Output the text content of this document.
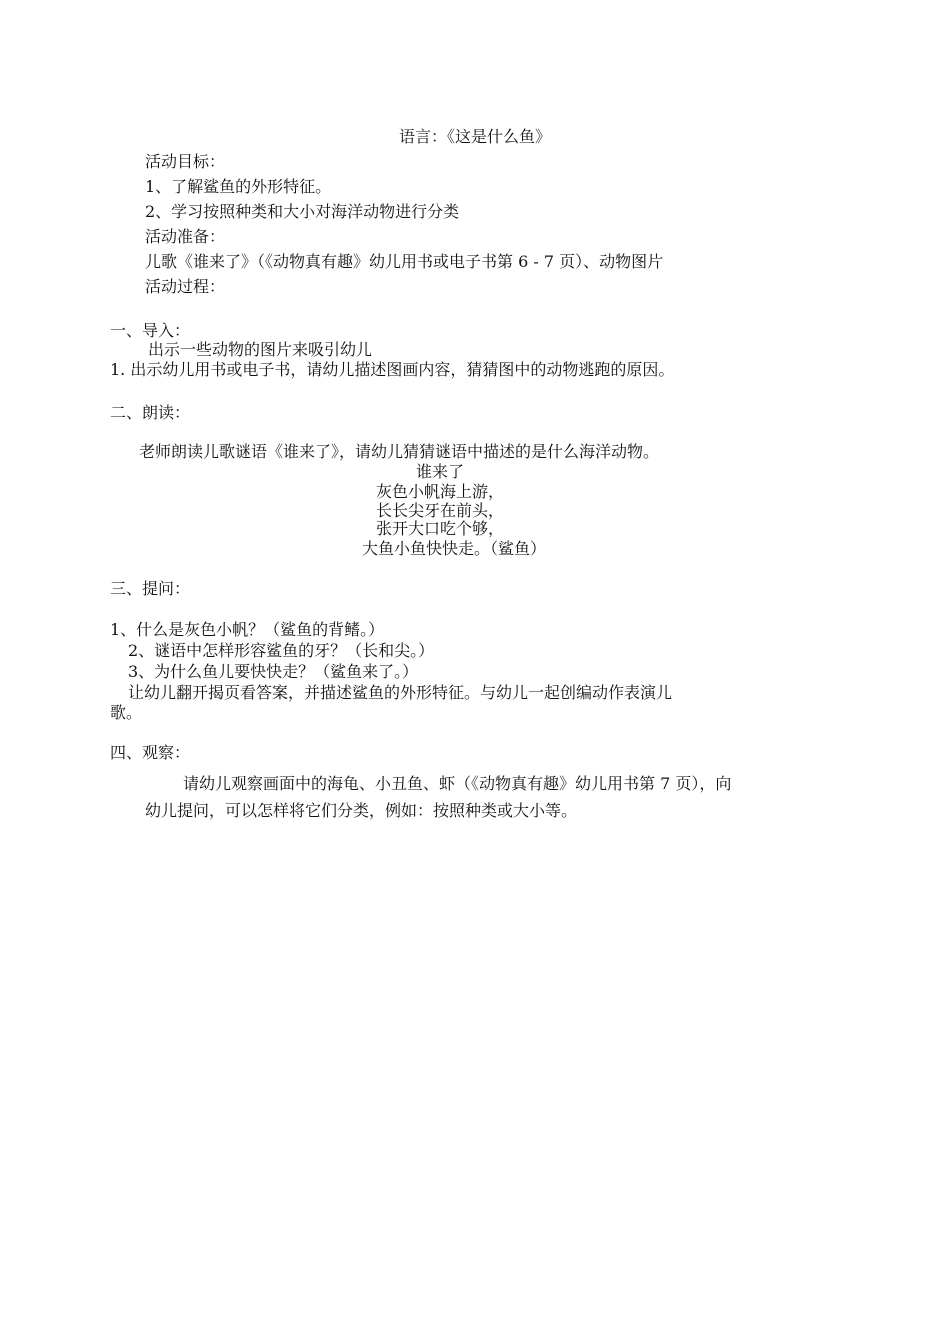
语言：《这是什么鱼》
活动目标：
1、了解鲨鱼的外形特征。
2、学习按照种类和大小对海洋动物进行分类
活动准备：
儿歌《谁来了》（《动物真有趣》幼儿用书或电子书第 6 - 7 页）、动物图片
活动过程：
一、导入：
出示一些动物的图片来吸引幼儿
1. 出示幼儿用书或电子书，请幼儿描述图画内容，猜猜图中的动物逃跑的原因。
二、朗读：
老师朗读儿歌谜语《谁来了》，请幼儿猜猜谜语中描述的是什么海洋动物。
谁来了
灰色小帆海上游，
长长尖牙在前头，
张开大口吃个够，
大鱼小鱼快快走。（鲨鱼）
三、提问：
1、什么是灰色小帆？（鲨鱼的背鳍。）
2、谜语中怎样形容鲨鱼的牙？（长和尖。）
3、为什么鱼儿要快快走？（鲨鱼来了。）
让幼儿翻开揭页看答案，并描述鲨鱼的外形特征。与幼儿一起创编动作表演儿
歌。
四、观察：
请幼儿观察画面中的海龟、小丑鱼、虾（《动物真有趣》幼儿用书第 7 页），向
幼儿提问，可以怎样将它们分类，例如：按照种类或大小等。
